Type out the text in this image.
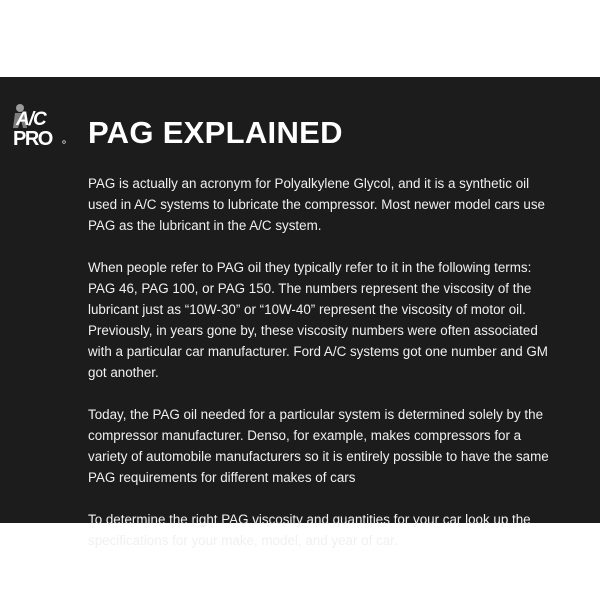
A/C
PRO PAG EXPLAINED

PAG is actually an acronym for Polyalkylene Glycol, and it is a synthetic oil used in A/C systems to lubricate the compressor. Most newer model cars use PAG as the lubricant in the A/C system.

When people refer to PAG oil they typically refer to it in the following terms: PAG 46, PAG 100, or PAG 150. The numbers represent the viscosity of the lubricant just as “10W-30” or “10W-40” represent the viscosity of motor oil. Previously, in years gone by, these viscosity numbers were often associated with a particular car manufacturer. Ford A/C systems got one number and GM got another.

Today, the PAG oil needed for a particular system is determined solely by the compressor manufacturer. Denso, for example, makes compressors for a variety of automobile manufacturers so it is entirely possible to have the same PAG requirements for different makes of cars

To determine the right PAG viscosity and quantities for your car look up the specifications for your make, model, and year of car.
